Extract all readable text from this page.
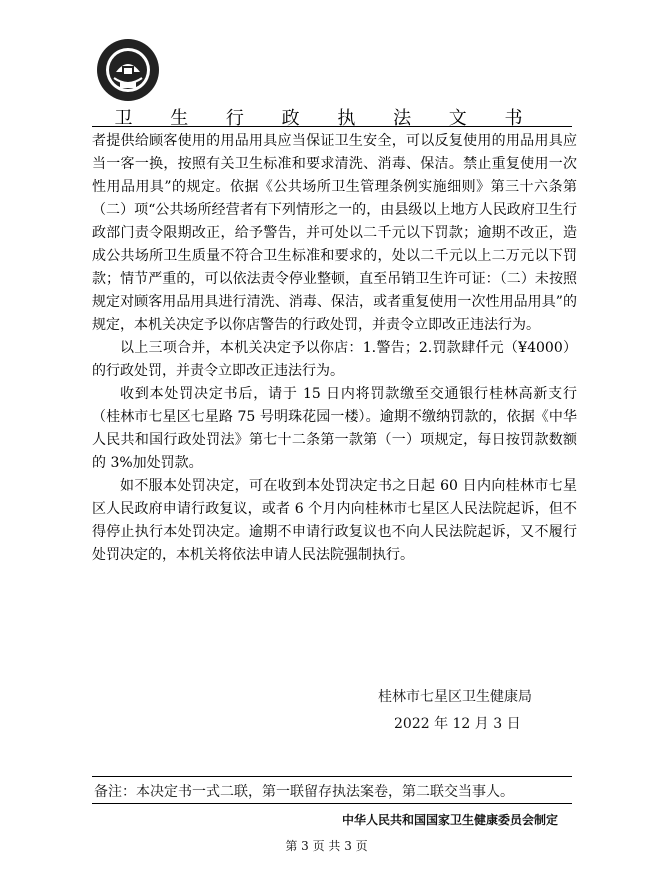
卫 生 行 政 执 法 文 书

者提供给顾客使用的用品用具应当保证卫生安全，可以反复使用的用品用具应当一客一换，按照有关卫生标准和要求清洗、消毒、保洁。禁止重复使用一次性用品用具”的规定。依据《公共场所卫生管理条例实施细则》第三十六条第（二）项“公共场所经营者有下列情形之一的，由县级以上地方人民政府卫生行政部门责令限期改正，给予警告，并可处以二千元以下罚款；逾期不改正，造成公共场所卫生质量不符合卫生标准和要求的，处以二千元以上二万元以下罚款；情节严重的，可以依法责令停业整顿，直至吊销卫生许可证：（二）未按照规定对顾客用品用具进行清洗、消毒、保洁，或者重复使用一次性用品用具”的规定，本机关决定予以你店警告的行政处罚，并责令立即改正违法行为。

以上三项合并，本机关决定予以你店：1.警告；2.罚款肆仟元（¥4000）的行政处罚，并责令立即改正违法行为。

收到本处罚决定书后，请于 15 日内将罚款缴至交通银行桂林高新支行（桂林市七星区七星路 75 号明珠花园一楼）。逾期不缴纳罚款的，依据《中华人民共和国行政处罚法》第七十二条第一款第（一）项规定，每日按罚款数额的 3%加处罚款。

如不服本处罚决定，可在收到本处罚决定书之日起 60 日内向桂林市七星区人民政府申请行政复议，或者 6 个月内向桂林市七星区人民法院起诉，但不得停止执行本处罚决定。逾期不申请行政复议也不向人民法院起诉，又不履行处罚决定的，本机关将依法申请人民法院强制执行。

桂林市七星区卫生健康局
2022 年 12 月 3 日
备注：本决定书一式二联，第一联留存执法案卷，第二联交当事人。
中华人民共和国国家卫生健康委员会制定
第 3 页 共 3 页
